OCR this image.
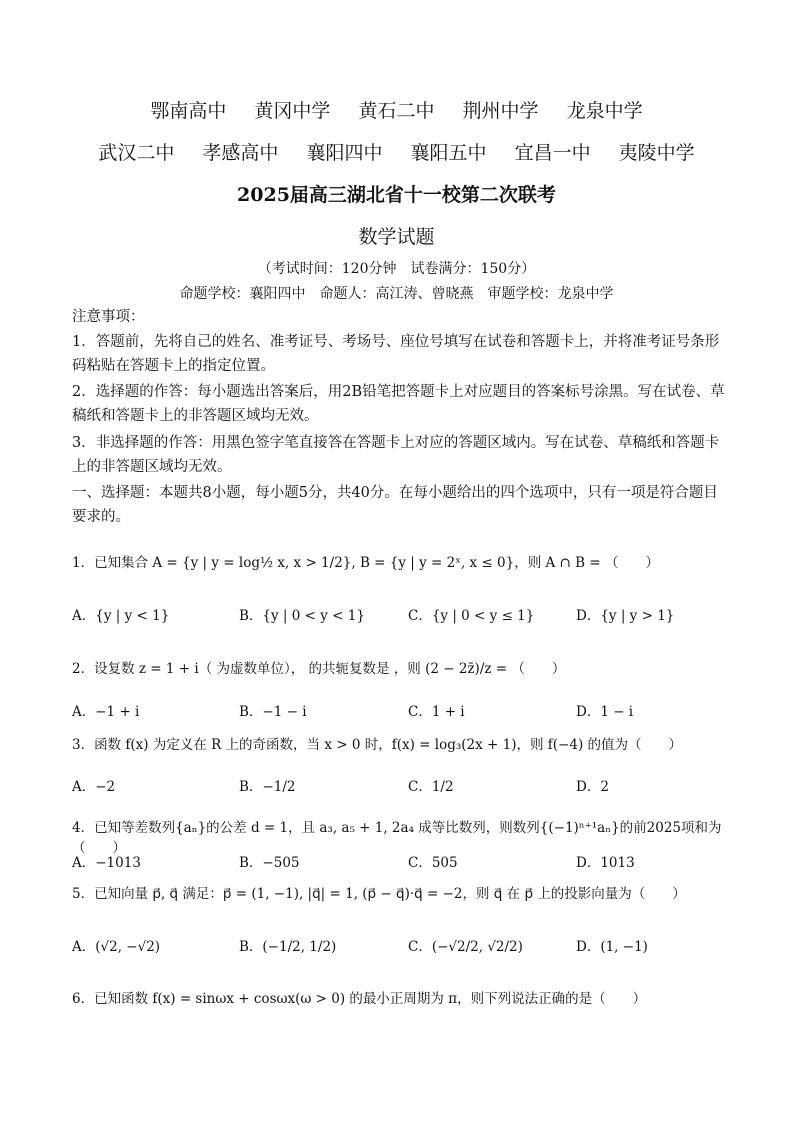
鄂南高中 黄冈中学 黄石二中 荆州中学 龙泉中学
武汉二中 孝感高中 襄阳四中 襄阳五中 宜昌一中 夷陵中学
2025届高三湖北省十一校第二次联考
数学试题
（考试时间：120分钟　试卷满分：150分）
命题学校：襄阳四中　命题人：高江涛、曾晓燕　审题学校：龙泉中学
注意事项：
1．答题前，先将自己的姓名、准考证号、考场号、座位号填写在试卷和答题卡上，并将准考证号条形码粘贴在答题卡上的指定位置。
2．选择题的作答：每小题选出答案后，用2B铅笔把答题卡上对应题目的答案标号涂黑。写在试卷、草稿纸和答题卡上的非答题区域均无效。
3．非选择题的作答：用黑色签字笔直接答在答题卡上对应的答题区域内。写在试卷、草稿纸和答题卡上的非答题区域均无效。
一、选择题：本题共8小题，每小题5分，共40分。在每小题给出的四个选项中，只有一项是符合题目要求的。
1．已知集合 A = {y | y = log½ x, x > 1/2}, B = {y | y = 2ˣ, x ≤ 0}，则 A ∩ B = （　　）
A．{y | y < 1}	B．{y | 0 < y < 1}	C．{y | 0 < y ≤ 1}	D．{y | y > 1}
2．设复数 z = 1 + i（ 为虚数单位）， 的共轭复数是 ，则 (2 − 2z̄)/z = （　　）
A．−1 + i	B．−1 − i	C．1 + i	D．1 − i
3．函数 f(x) 为定义在 R 上的奇函数，当 x > 0 时，f(x) = log₃(2x + 1)，则 f(−4) 的值为（　　）
A．−2	B．−1/2	C．1/2	D．2
4．已知等差数列{aₙ}的公差 d = 1，且 a₃, a₅ + 1, 2a₄ 成等比数列，则数列{(−1)ⁿ⁺¹aₙ}的前2025项和为（　　）
A．−1013	B．−505	C．505	D．1013
5．已知向量 p⃗, q⃗ 满足：p⃗ = (1, −1), |q⃗| = 1, (p⃗ − q⃗)·q⃗ = −2，则 q⃗ 在 p⃗ 上的投影向量为（　　）
A．(√2, −√2)	B．(−1/2, 1/2)	C．(−√2/2, √2/2)	D．(1, −1)
6．已知函数 f(x) = sinωx + cosωx(ω > 0) 的最小正周期为 π，则下列说法正确的是（　　）
